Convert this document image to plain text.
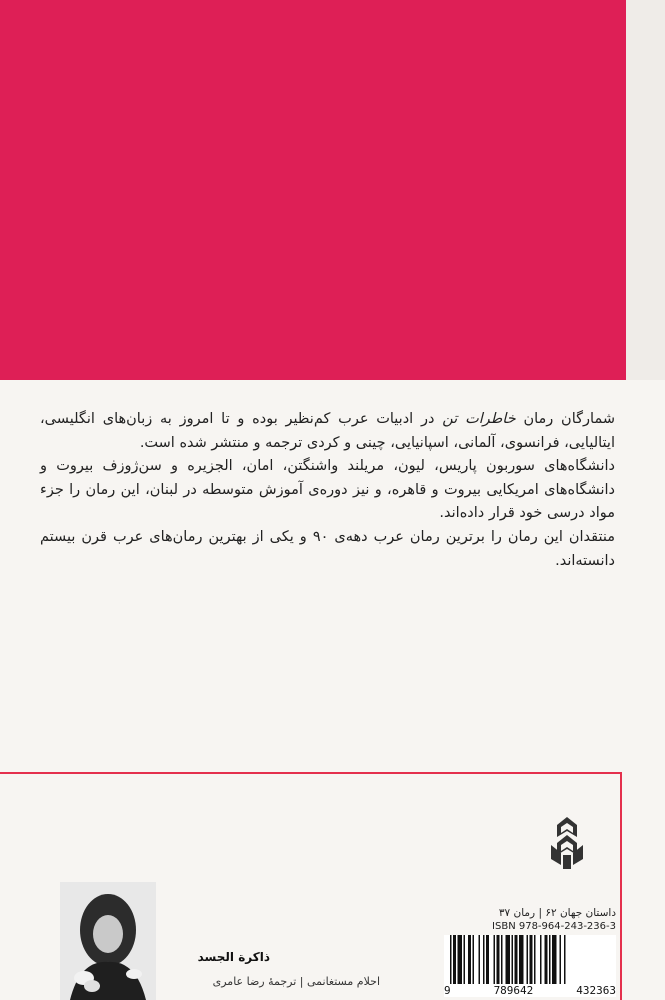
شمارگان رمان خاطرات تن در ادبیات عرب کم‌نظیر بوده و تا امروز به زبان‌های انگلیسی، ایتالیایی، فرانسوی، آلمانی، اسپانیایی، چینی و کردی ترجمه و منتشر شده است.

دانشگاه‌های سوربون پاریس، لیون، مریلند واشنگتن، امان، الجزیره و سن‌ژوزف بیروت و دانشگاه‌های امریکایی بیروت و قاهره، و نیز دوره‌ی آموزش متوسطه در لبنان، این رمان را جزء مواد درسی خود قرار داده‌اند.

منتقدان این رمان را برترین رمان عرب دهه‌ی ۹۰ و یکی از بهترین رمان‌های عرب قرن بیستم دانسته‌اند.

داستان جهان ۶۲ | رمان ۳۷
ISBN 978-964-243-236-3
9	789642	432363
ذاكرة الجسد
احلام مستغانمی | ترجمهٔ رضا عامری
